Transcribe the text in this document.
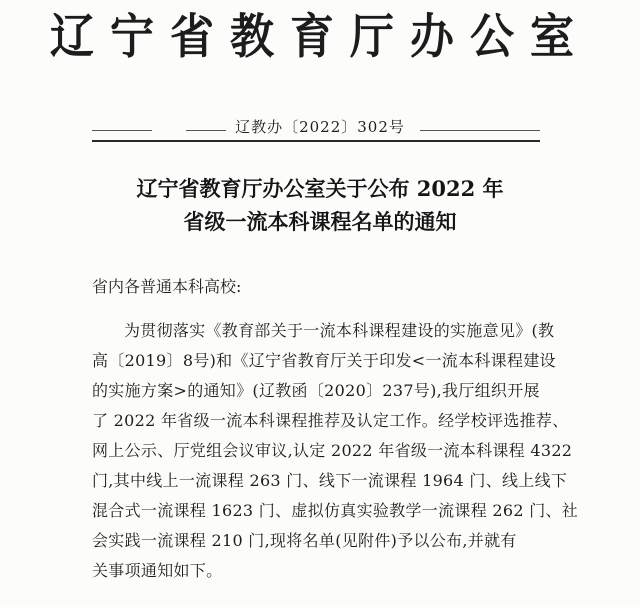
辽宁省教育厅办公室
辽教办〔2022〕302号
辽宁省教育厅办公室关于公布 2022 年
省级一流本科课程名单的通知
省内各普通本科高校:
为贯彻落实《教育部关于一流本科课程建设的实施意见》(教
高〔2019〕8号)和《辽宁省教育厅关于印发<一流本科课程建设
的实施方案>的通知》(辽教函〔2020〕237号),我厅组织开展
了 2022 年省级一流本科课程推荐及认定工作。经学校评选推荐、
网上公示、厅党组会议审议,认定 2022 年省级一流本科课程 4322
门,其中线上一流课程 263 门、线下一流课程 1964 门、线上线下
混合式一流课程 1623 门、虚拟仿真实验教学一流课程 262 门、社
会实践一流课程 210 门,现将名单(见附件)予以公布,并就有
关事项通知如下。
